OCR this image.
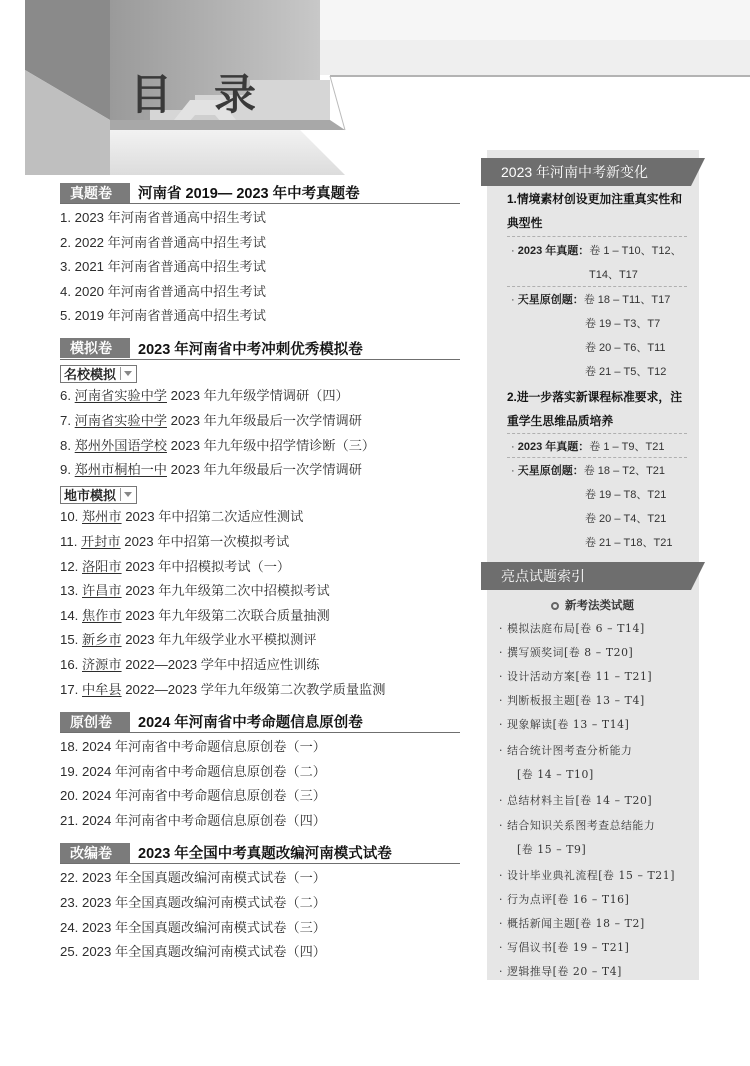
目 录
真题卷	河南省 2019— 2023 年中考真题卷
1. 2023 年河南省普通高中招生考试
2. 2022 年河南省普通高中招生考试
3. 2021 年河南省普通高中招生考试
4. 2020 年河南省普通高中招生考试
5. 2019 年河南省普通高中招生考试
模拟卷	2023 年河南省中考冲刺优秀模拟卷
名校模拟
6. 河南省实验中学 2023 年九年级学情调研（四）
7. 河南省实验中学 2023 年九年级最后一次学情调研
8. 郑州外国语学校 2023 年九年级中招学情诊断（三）
9. 郑州市桐柏一中 2023 年九年级最后一次学情调研
地市模拟
10. 郑州市 2023 年中招第二次适应性测试
11. 开封市 2023 年中招第一次模拟考试
12. 洛阳市 2023 年中招模拟考试（一）
13. 许昌市 2023 年九年级第二次中招模拟考试
14. 焦作市 2023 年九年级第二次联合质量抽测
15. 新乡市 2023 年九年级学业水平模拟测评
16. 济源市 2022—2023 学年中招适应性训练
17. 中牟县 2022—2023 学年九年级第二次教学质量监测
原创卷	2024 年河南省中考命题信息原创卷
18. 2024 年河南省中考命题信息原创卷（一）
19. 2024 年河南省中考命题信息原创卷（二）
20. 2024 年河南省中考命题信息原创卷（三）
21. 2024 年河南省中考命题信息原创卷（四）
改编卷	2023 年全国中考真题改编河南模式试卷
22. 2023 年全国真题改编河南模式试卷（一）
23. 2023 年全国真题改编河南模式试卷（二）
24. 2023 年全国真题改编河南模式试卷（三）
25. 2023 年全国真题改编河南模式试卷（四）
2023 年河南中考新变化
1.情境素材创设更加注重真实性和
典型性
· 2023 年真题：卷 1 – T10、T12、
T14、T17
· 天星原创题：卷 18 – T11、T17
卷 19 – T3、T7
卷 20 – T6、T11
卷 21 – T5、T12
2.进一步落实新课程标准要求，注
重学生思维品质培养
· 2023 年真题：卷 1 – T9、T21
· 天星原创题：卷 18 – T2、T21
卷 19 – T8、T21
卷 20 – T4、T21
卷 21 – T18、T21
亮点试题索引
新考法类试题
· 模拟法庭布局[卷 6 – T14]
· 撰写颁奖词[卷 8 – T20]
· 设计活动方案[卷 11 – T21]
· 判断板报主题[卷 13 – T4]
· 现象解读[卷 13 – T14]
· 结合统计图考查分析能力
[卷 14 – T10]
· 总结材料主旨[卷 14 – T20]
· 结合知识关系图考查总结能力
[卷 15 – T9]
· 设计毕业典礼流程[卷 15 – T21]
· 行为点评[卷 16 – T16]
· 概括新闻主题[卷 18 – T2]
· 写倡议书[卷 19 – T21]
· 逻辑推导[卷 20 – T4]
